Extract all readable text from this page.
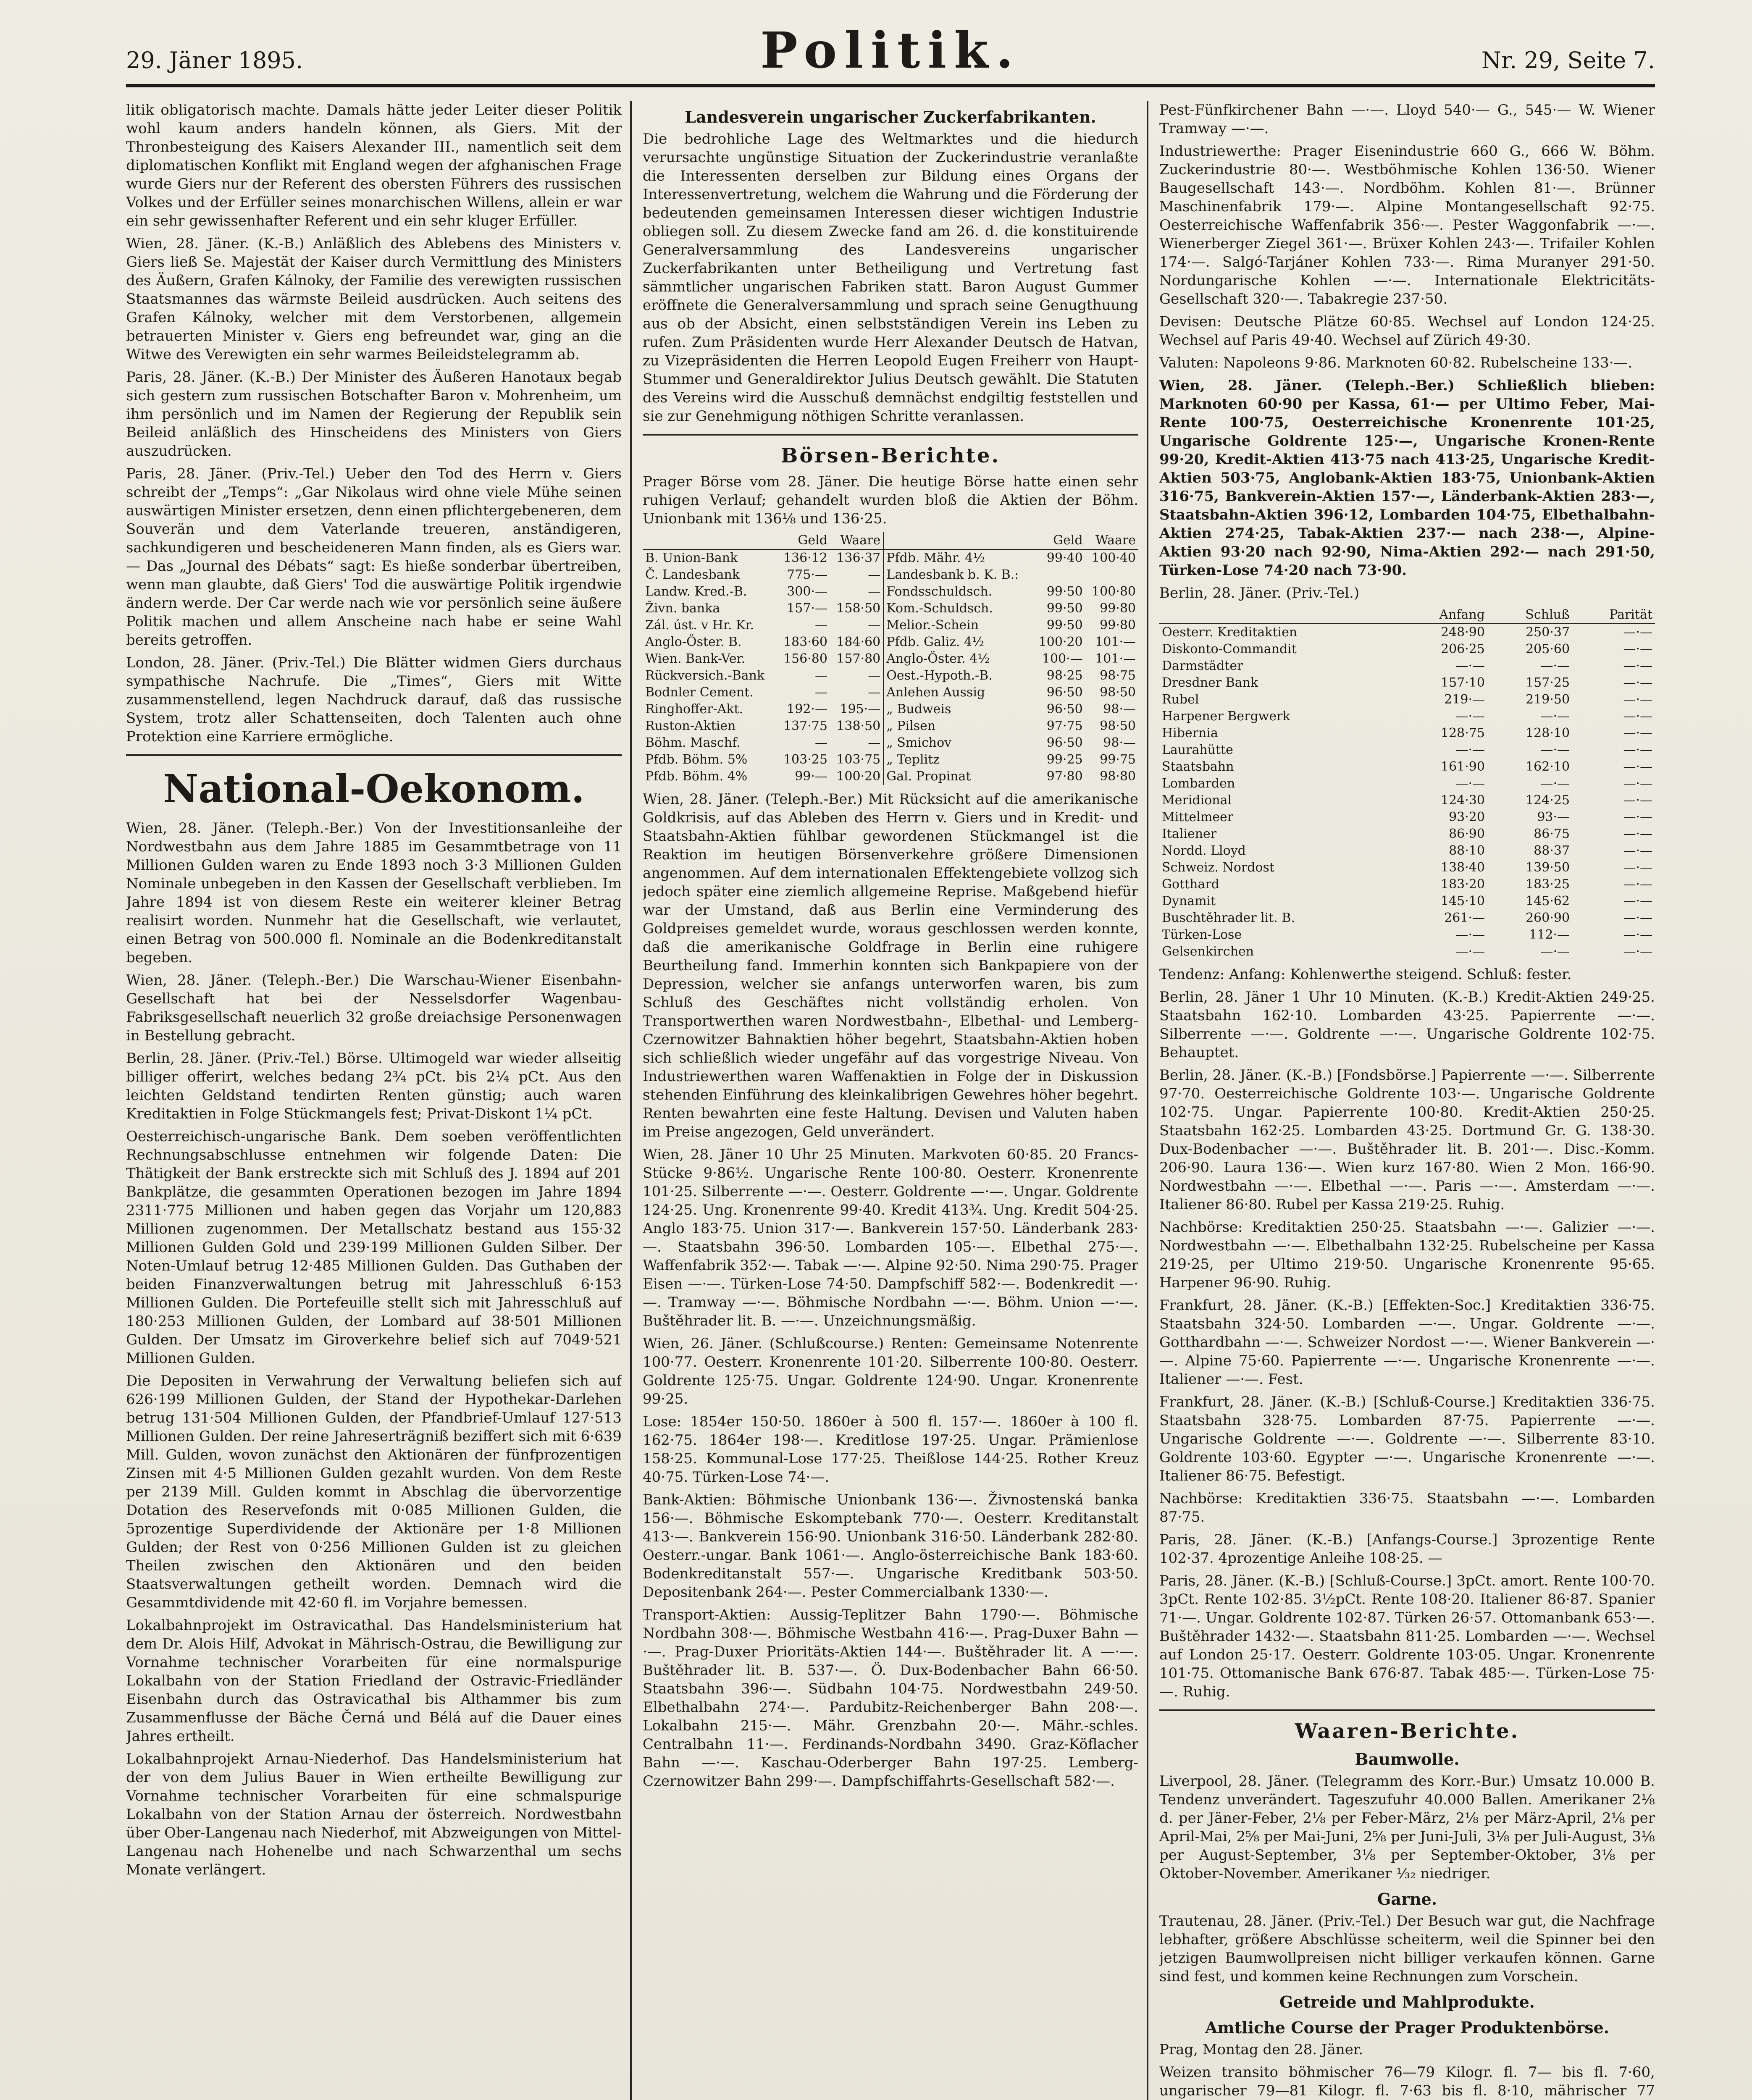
29. Jäner 1895.	Politik.	Nr. 29, Seite 7.

litik obligatorisch machte. Damals hätte jeder Leiter dieser Politik wohl kaum anders handeln können, als Giers. Mit der Thronbesteigung des Kaisers Alexander III., namentlich seit dem diplomatischen Konflikt mit England wegen der afghanischen Frage wurde Giers nur der Referent des obersten Führers des russischen Volkes und der Erfüller seines monarchischen Willens, allein er war ein sehr gewissenhafter Referent und ein sehr kluger Erfüller.

Wien, 28. Jäner. (K.-B.) Anläßlich des Ablebens des Ministers v. Giers ließ Se. Majestät der Kaiser durch Vermittlung des Ministers des Äußern, Grafen Kálnoky, der Familie des verewigten russischen Staatsmannes das wärmste Beileid ausdrücken. Auch seitens des Grafen Kálnoky, welcher mit dem Verstorbenen, allgemein betrauerten Minister v. Giers eng befreundet war, ging an die Witwe des Verewigten ein sehr warmes Beileidstelegramm ab.

Paris, 28. Jäner. (K.-B.) Der Minister des Äußeren Hanotaux begab sich gestern zum russischen Botschafter Baron v. Mohrenheim, um ihm persönlich und im Namen der Regierung der Republik sein Beileid anläßlich des Hinscheidens des Ministers von Giers auszudrücken.

Paris, 28. Jäner. (Priv.-Tel.) Ueber den Tod des Herrn v. Giers schreibt der „Temps“: „Gar Nikolaus wird ohne viele Mühe seinen auswärtigen Minister ersetzen, denn einen pflichtergebeneren, dem Souverän und dem Vaterlande treueren, anständigeren, sachkundigeren und bescheideneren Mann finden, als es Giers war. — Das „Journal des Débats“ sagt: Es hieße sonderbar übertreiben, wenn man glaubte, daß Giers' Tod die auswärtige Politik irgendwie ändern werde. Der Car werde nach wie vor persönlich seine äußere Politik machen und allem Anscheine nach habe er seine Wahl bereits getroffen.

London, 28. Jäner. (Priv.-Tel.) Die Blätter widmen Giers durchaus sympathische Nachrufe. Die „Times“, Giers mit Witte zusammenstellend, legen Nachdruck darauf, daß das russische System, trotz aller Schattenseiten, doch Talenten auch ohne Protektion eine Karriere ermögliche.

National-Oekonom.

Wien, 28. Jäner. (Teleph.-Ber.) Von der Investitionsanleihe der Nordwestbahn aus dem Jahre 1885 im Gesammtbetrage von 11 Millionen Gulden waren zu Ende 1893 noch 3·3 Millionen Gulden Nominale unbegeben in den Kassen der Gesellschaft verblieben. Im Jahre 1894 ist von diesem Reste ein weiterer kleiner Betrag realisirt worden. Nunmehr hat die Gesellschaft, wie verlautet, einen Betrag von 500.000 fl. Nominale an die Bodenkreditanstalt begeben.

Wien, 28. Jäner. (Teleph.-Ber.) Die Warschau-Wiener Eisenbahn-Gesellschaft hat bei der Nesselsdorfer Wagenbau-Fabriksgesellschaft neuerlich 32 große dreiachsige Personenwagen in Bestellung gebracht.

Berlin, 28. Jäner. (Priv.-Tel.) Börse. Ultimogeld war wieder allseitig billiger offerirt, welches bedang 2¾ pCt. bis 2¼ pCt. Aus den leichten Geldstand tendirten Renten günstig; auch waren Kreditaktien in Folge Stückmangels fest; Privat-Diskont 1¼ pCt.

Oesterreichisch-ungarische Bank. Dem soeben veröffentlichten Rechnungsabschlusse entnehmen wir folgende Daten: Die Thätigkeit der Bank erstreckte sich mit Schluß des J. 1894 auf 201 Bankplätze, die gesammten Operationen bezogen im Jahre 1894 2311·775 Millionen und haben gegen das Vorjahr um 120,883 Millionen zugenommen. Der Metallschatz bestand aus 155·32 Millionen Gulden Gold und 239·199 Millionen Gulden Silber. Der Noten-Umlauf betrug 12·485 Millionen Gulden. Das Guthaben der beiden Finanzverwaltungen betrug mit Jahresschluß 6·153 Millionen Gulden. Die Portefeuille stellt sich mit Jahresschluß auf 180·253 Millionen Gulden, der Lombard auf 38·501 Millionen Gulden. Der Umsatz im Giroverkehre belief sich auf 7049·521 Millionen Gulden.

Die Depositen in Verwahrung der Verwaltung beliefen sich auf 626·199 Millionen Gulden, der Stand der Hypothekar-Darlehen betrug 131·504 Millionen Gulden, der Pfandbrief-Umlauf 127·513 Millionen Gulden. Der reine Jahreserträgniß beziffert sich mit 6·639 Mill. Gulden, wovon zunächst den Aktionären der fünfprozentigen Zinsen mit 4·5 Millionen Gulden gezahlt wurden. Von dem Reste per 2139 Mill. Gulden kommt in Abschlag die übervorzentige Dotation des Reservefonds mit 0·085 Millionen Gulden, die 5prozentige Superdividende der Aktionäre per 1·8 Millionen Gulden; der Rest von 0·256 Millionen Gulden ist zu gleichen Theilen zwischen den Aktionären und den beiden Staatsverwaltungen getheilt worden. Demnach wird die Gesammtdividende mit 42·60 fl. im Vorjahre bemessen.

Lokalbahnprojekt im Ostravicathal. Das Handelsministerium hat dem Dr. Alois Hilf, Advokat in Mährisch-Ostrau, die Bewilligung zur Vornahme technischer Vorarbeiten für eine normalspurige Lokalbahn von der Station Friedland der Ostravic-Friedländer Eisenbahn durch das Ostravicathal bis Althammer bis zum Zusammenflusse der Bäche Černá und Bélá auf die Dauer eines Jahres ertheilt.

Lokalbahnprojekt Arnau-Niederhof. Das Handelsministerium hat der von dem Julius Bauer in Wien ertheilte Bewilligung zur Vornahme technischer Vorarbeiten für eine schmalspurige Lokalbahn von der Station Arnau der österreich. Nordwestbahn über Ober-Langenau nach Niederhof, mit Abzweigungen von Mittel-Langenau nach Hohenelbe und nach Schwarzenthal um sechs Monate verlängert.

Landesverein ungarischer Zuckerfabrikanten.

Die bedrohliche Lage des Weltmarktes und die hiedurch verursachte ungünstige Situation der Zuckerindustrie veranlaßte die Interessenten derselben zur Bildung eines Organs der Interessenvertretung, welchem die Wahrung und die Förderung der bedeutenden gemeinsamen Interessen dieser wichtigen Industrie obliegen soll. Zu diesem Zwecke fand am 26. d. die konstituirende Generalversammlung des Landesvereins ungarischer Zuckerfabrikanten unter Betheiligung und Vertretung fast sämmtlicher ungarischen Fabriken statt. Baron August Gummer eröffnete die Generalversammlung und sprach seine Genugthuung aus ob der Absicht, einen selbstständigen Verein ins Leben zu rufen. Zum Präsidenten wurde Herr Alexander Deutsch de Hatvan, zu Vizepräsidenten die Herren Leopold Eugen Freiherr von Haupt-Stummer und Generaldirektor Julius Deutsch gewählt. Die Statuten des Vereins wird die Ausschuß demnächst endgiltig feststellen und sie zur Genehmigung nöthigen Schritte veranlassen.

Börsen-Berichte.

Prager Börse vom 28. Jäner. Die heutige Börse hatte einen sehr ruhigen Verlauf; gehandelt wurden bloß die Aktien der Böhm. Unionbank mit 136⅛ und 136·25.

	Geld	Waare		Geld	Waare
B. Union-Bank	136·12	136·37	Pfdb. Mähr. 4½	99·40	100·40
Č. Landesbank	775·—	—	Landesbank b. K. B.:		
Landw. Kred.-B.	300·—	—	Fondsschuldsch.	99·50	100·80
Živn. banka	157·—	158·50	Kom.-Schuldsch.	99·50	99·80
Zál. úst. v Hr. Kr.	—	—	Melior.-Schein	99·50	99·80
Anglo-Öster. B.	183·60	184·60	Pfdb. Galiz. 4½	100·20	101·—
Wien. Bank-Ver.	156·80	157·80	Anglo-Öster. 4½	100·—	101·—
Rückversich.-Bank	—	—	Oest.-Hypoth.-B.	98·25	98·75
Bodnler Cement.	—	—	Anlehen Aussig	96·50	98·50
Ringhoffer-Akt.	192·—	195·—	„ Budweis	96·50	98·—
Ruston-Aktien	137·75	138·50	„ Pilsen	97·75	98·50
Böhm. Maschf.	—	—	„ Smichov	96·50	98·—
Pfdb. Böhm. 5%	103·25	103·75	„ Teplitz	99·25	99·75
Pfdb. Böhm. 4%	99·—	100·20	Gal. Propinat	97·80	98·80

Wien, 28. Jäner. (Teleph.-Ber.) Mit Rücksicht auf die amerikanische Goldkrisis, auf das Ableben des Herrn v. Giers und in Kredit- und Staatsbahn-Aktien fühlbar gewordenen Stückmangel ist die Reaktion im heutigen Börsenverkehre größere Dimensionen angenommen. Auf dem internationalen Effektengebiete vollzog sich jedoch später eine ziemlich allgemeine Reprise. Maßgebend hiefür war der Umstand, daß aus Berlin eine Verminderung des Goldpreises gemeldet wurde, woraus geschlossen werden konnte, daß die amerikanische Goldfrage in Berlin eine ruhigere Beurtheilung fand. Immerhin konnten sich Bankpapiere von der Depression, welcher sie anfangs unterworfen waren, bis zum Schluß des Geschäftes nicht vollständig erholen. Von Transportwerthen waren Nordwestbahn-, Elbethal- und Lemberg-Czernowitzer Bahnaktien höher begehrt, Staatsbahn-Aktien hoben sich schließlich wieder ungefähr auf das vorgestrige Niveau. Von Industriewerthen waren Waffenaktien in Folge der in Diskussion stehenden Einführung des kleinkalibrigen Gewehres höher begehrt. Renten bewahrten eine feste Haltung. Devisen und Valuten haben im Preise angezogen, Geld unverändert.

Wien, 28. Jäner 10 Uhr 25 Minuten. Markvoten 60·85. 20 Francs-Stücke 9·86½. Ungarische Rente 100·80. Oesterr. Kronenrente 101·25. Silberrente —·—. Oesterr. Goldrente —·—. Ungar. Goldrente 124·25. Ung. Kronenrente 99·40. Kredit 413¾. Ung. Kredit 504·25. Anglo 183·75. Union 317·—. Bankverein 157·50. Länderbank 283·—. Staatsbahn 396·50. Lombarden 105·—. Elbethal 275·—. Waffenfabrik 352·—. Tabak —·—. Alpine 92·50. Nima 290·75. Prager Eisen —·—. Türken-Lose 74·50. Dampfschiff 582·—. Bodenkredit —·—. Tramway —·—. Böhmische Nordbahn —·—. Böhm. Union —·—. Buštěhrader lit. B. —·—. Unzeichnungsmäßig.

Wien, 26. Jäner. (Schlußcourse.) Renten: Gemeinsame Notenrente 100·77. Oesterr. Kronenrente 101·20. Silberrente 100·80. Oesterr. Goldrente 125·75. Ungar. Goldrente 124·90. Ungar. Kronenrente 99·25.

Lose: 1854er 150·50. 1860er à 500 fl. 157·—. 1860er à 100 fl. 162·75. 1864er 198·—. Kreditlose 197·25. Ungar. Prämienlose 158·25. Kommunal-Lose 177·25. Theißlose 144·25. Rother Kreuz 40·75. Türken-Lose 74·—.

Bank-Aktien: Böhmische Unionbank 136·—. Živnostenská banka 156·—. Böhmische Eskomptebank 770·—. Oesterr. Kreditanstalt 413·—. Bankverein 156·90. Unionbank 316·50. Länderbank 282·80. Oesterr.-ungar. Bank 1061·—. Anglo-österreichische Bank 183·60. Bodenkreditanstalt 557·—. Ungarische Kreditbank 503·50. Depositenbank 264·—. Pester Commercialbank 1330·—.

Transport-Aktien: Aussig-Teplitzer Bahn 1790·—. Böhmische Nordbahn 308·—. Böhmische Westbahn 416·—. Prag-Duxer Bahn —·—. Prag-Duxer Prioritäts-Aktien 144·—. Buštěhrader lit. A —·—. Buštěhrader lit. B. 537·—. Ö. Dux-Bodenbacher Bahn 66·50. Staatsbahn 396·—. Südbahn 104·75. Nordwestbahn 249·50. Elbethalbahn 274·—. Pardubitz-Reichenberger Bahn 208·—. Lokalbahn 215·—. Mähr. Grenzbahn 20·—. Mähr.-schles. Centralbahn 11·—. Ferdinands-Nordbahn 3490. Graz-Köflacher Bahn —·—. Kaschau-Oderberger Bahn 197·25. Lemberg-Czernowitzer Bahn 299·—. Dampfschiffahrts-Gesellschaft 582·—.

Pest-Fünfkirchener Bahn —·—. Lloyd 540·— G., 545·— W. Wiener Tramway —·—.

Industriewerthe: Prager Eisenindustrie 660 G., 666 W. Böhm. Zuckerindustrie 80·—. Westböhmische Kohlen 136·50. Wiener Baugesellschaft 143·—. Nordböhm. Kohlen 81·—. Brünner Maschinenfabrik 179·—. Alpine Montangesellschaft 92·75. Oesterreichische Waffenfabrik 356·—. Pester Waggonfabrik —·—. Wienerberger Ziegel 361·—. Brüxer Kohlen 243·—. Trifailer Kohlen 174·—. Salgó-Tarjáner Kohlen 733·—. Rima Muranyer 291·50. Nordungarische Kohlen —·—. Internationale Elektricitäts-Gesellschaft 320·—. Tabakregie 237·50.

Devisen: Deutsche Plätze 60·85. Wechsel auf London 124·25. Wechsel auf Paris 49·40. Wechsel auf Zürich 49·30.

Valuten: Napoleons 9·86. Marknoten 60·82. Rubelscheine 133·—.

Wien, 28. Jäner. (Teleph.-Ber.) Schließlich blieben: Marknoten 60·90 per Kassa, 61·— per Ultimo Feber, Mai-Rente 100·75, Oesterreichische Kronenrente 101·25, Ungarische Goldrente 125·—, Ungarische Kronen-Rente 99·20, Kredit-Aktien 413·75 nach 413·25, Ungarische Kredit-Aktien 503·75, Anglobank-Aktien 183·75, Unionbank-Aktien 316·75, Bankverein-Aktien 157·—, Länderbank-Aktien 283·—, Staatsbahn-Aktien 396·12, Lombarden 104·75, Elbethalbahn-Aktien 274·25, Tabak-Aktien 237·— nach 238·—, Alpine-Aktien 93·20 nach 92·90, Nima-Aktien 292·— nach 291·50, Türken-Lose 74·20 nach 73·90.

Berlin, 28. Jäner. (Priv.-Tel.)

	Anfang	Schluß	Parität
Oesterr. Kreditaktien	248·90	250·37	—·—
Diskonto-Commandit	206·25	205·60	—·—
Darmstädter	—·—	—·—	—·—
Dresdner Bank	157·10	157·25	—·—
Rubel	219·—	219·50	—·—
Harpener Bergwerk	—·—	—·—	—·—
Hibernia	128·75	128·10	—·—
Laurahütte	—·—	—·—	—·—
Staatsbahn	161·90	162·10	—·—
Lombarden	—·—	—·—	—·—
Meridional	124·30	124·25	—·—
Mittelmeer	93·20	93·—	—·—
Italiener	86·90	86·75	—·—
Nordd. Lloyd	88·10	88·37	—·—
Schweiz. Nordost	138·40	139·50	—·—
Gotthard	183·20	183·25	—·—
Dynamit	145·10	145·62	—·—
Buschtěhrader lit. B.	261·—	260·90	—·—
Türken-Lose	—·—	112·—	—·—
Gelsenkirchen	—·—	—·—	—·—

Tendenz: Anfang: Kohlenwerthe steigend. Schluß: fester.

Berlin, 28. Jäner 1 Uhr 10 Minuten. (K.-B.) Kredit-Aktien 249·25. Staatsbahn 162·10. Lombarden 43·25. Papierrente —·—. Silberrente —·—. Goldrente —·—. Ungarische Goldrente 102·75. Behauptet.

Berlin, 28. Jäner. (K.-B.) [Fondsbörse.] Papierrente —·—. Silberrente 97·70. Oesterreichische Goldrente 103·—. Ungarische Goldrente 102·75. Ungar. Papierrente 100·80. Kredit-Aktien 250·25. Staatsbahn 162·25. Lombarden 43·25. Dortmund Gr. G. 138·30. Dux-Bodenbacher —·—. Buštěhrader lit. B. 201·—. Disc.-Komm. 206·90. Laura 136·—. Wien kurz 167·80. Wien 2 Mon. 166·90. Nordwestbahn —·—. Elbethal —·—. Paris —·—. Amsterdam —·—. Italiener 86·80. Rubel per Kassa 219·25. Ruhig.

Nachbörse: Kreditaktien 250·25. Staatsbahn —·—. Galizier —·—. Nordwestbahn —·—. Elbethalbahn 132·25. Rubelscheine per Kassa 219·25, per Ultimo 219·50. Ungarische Kronenrente 95·65. Harpener 96·90. Ruhig.

Frankfurt, 28. Jäner. (K.-B.) [Effekten-Soc.] Kreditaktien 336·75. Staatsbahn 324·50. Lombarden —·—. Ungar. Goldrente —·—. Gotthardbahn —·—. Schweizer Nordost —·—. Wiener Bankverein —·—. Alpine 75·60. Papierrente —·—. Ungarische Kronenrente —·—. Italiener —·—. Fest.

Frankfurt, 28. Jäner. (K.-B.) [Schluß-Course.] Kreditaktien 336·75. Staatsbahn 328·75. Lombarden 87·75. Papierrente —·—. Ungarische Goldrente —·—. Goldrente —·—. Silberrente 83·10. Goldrente 103·60. Egypter —·—. Ungarische Kronenrente —·—. Italiener 86·75. Befestigt.

Nachbörse: Kreditaktien 336·75. Staatsbahn —·—. Lombarden 87·75.

Paris, 28. Jäner. (K.-B.) [Anfangs-Course.] 3prozentige Rente 102·37. 4prozentige Anleihe 108·25. —

Paris, 28. Jäner. (K.-B.) [Schluß-Course.] 3pCt. amort. Rente 100·70. 3pCt. Rente 102·85. 3½pCt. Rente 108·20. Italiener 86·87. Spanier 71·—. Ungar. Goldrente 102·87. Türken 26·57. Ottomanbank 653·—. Buštěhrader 1432·—. Staatsbahn 811·25. Lombarden —·—. Wechsel auf London 25·17. Oesterr. Goldrente 103·05. Ungar. Kronenrente 101·75. Ottomanische Bank 676·87. Tabak 485·—. Türken-Lose 75·—. Ruhig.

Waaren-Berichte.
Baumwolle.

Liverpool, 28. Jäner. (Telegramm des Korr.-Bur.) Umsatz 10.000 B. Tendenz unverändert. Tageszufuhr 40.000 Ballen. Amerikaner 2⅛ d. per Jäner-Feber, 2⅛ per Feber-März, 2⅛ per März-April, 2⅛ per April-Mai, 2⅝ per Mai-Juni, 2⅝ per Juni-Juli, 3⅛ per Juli-August, 3⅛ per August-September, 3⅛ per September-Oktober, 3⅛ per Oktober-November. Amerikaner ⅟₃₂ niedriger.

Garne.

Trautenau, 28. Jäner. (Priv.-Tel.) Der Besuch war gut, die Nachfrage lebhafter, größere Abschlüsse scheiterm, weil die Spinner bei den jetzigen Baumwollpreisen nicht billiger verkaufen können. Garne sind fest, und kommen keine Rechnungen zum Vorschein.

Getreide und Mahlprodukte.
Amtliche Course der Prager Produktenbörse.

Prag, Montag den 28. Jäner.

Weizen transito böhmischer 76—79 Kilogr. fl. 7— bis fl. 7·60, ungarischer 79—81 Kilogr. fl. 7·63 bis fl. 8·10, mährischer 77
